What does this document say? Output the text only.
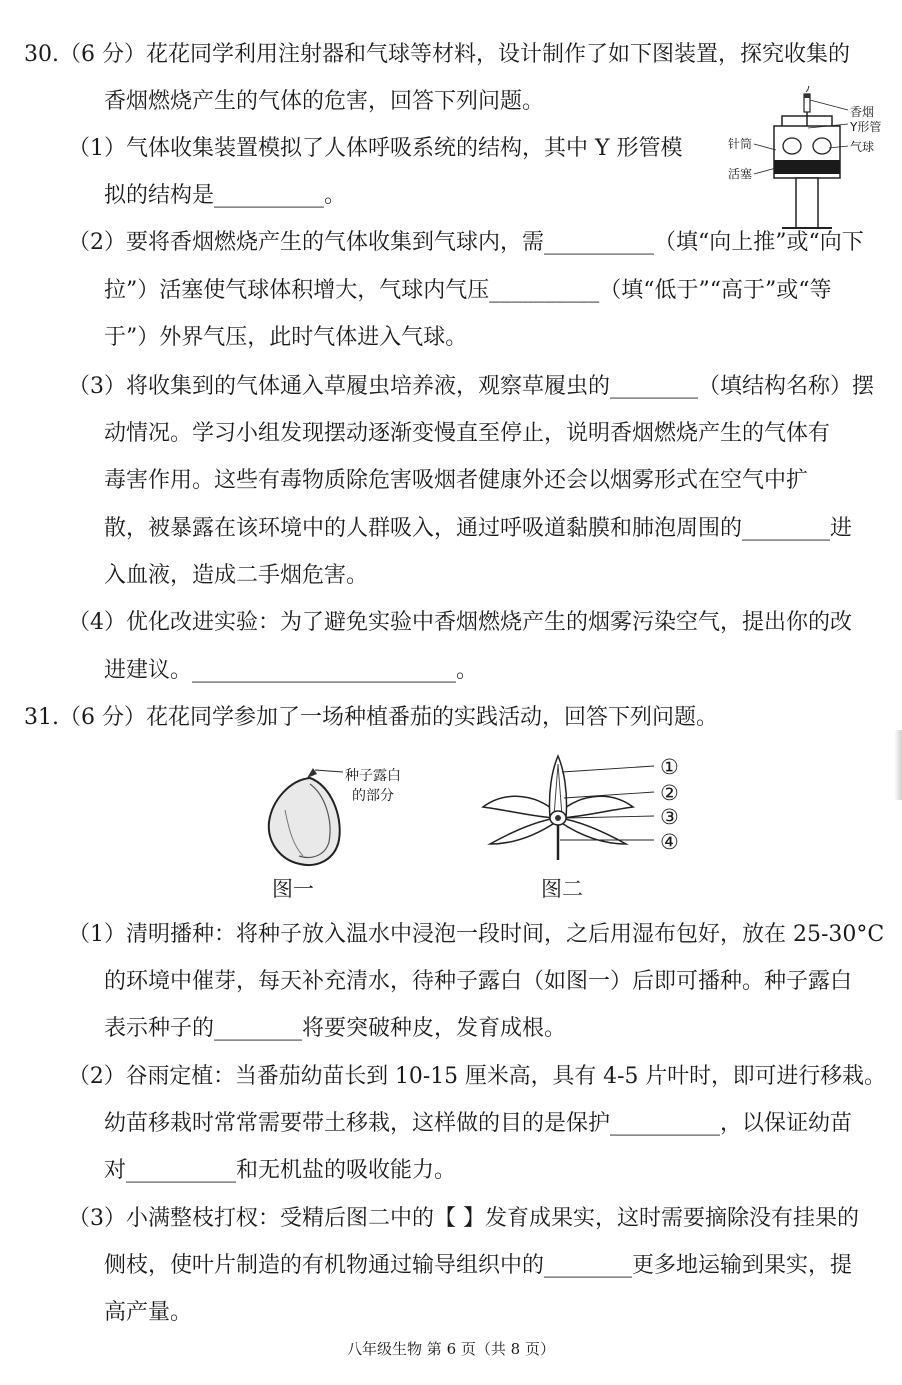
30.（6 分）花花同学利用注射器和气球等材料，设计制作了如下图装置，探究收集的
香烟燃烧产生的气体的危害，回答下列问题。
（1）气体收集装置模拟了人体呼吸系统的结构，其中 Y 形管模
拟的结构是__________。
（2）要将香烟燃烧产生的气体收集到气球内，需__________（填“向上推”或“向下
拉”）活塞使气球体积增大，气球内气压__________（填“低于”“高于”或“等
于”）外界气压，此时气体进入气球。
（3）将收集到的气体通入草履虫培养液，观察草履虫的________（填结构名称）摆
动情况。学习小组发现摆动逐渐变慢直至停止，说明香烟燃烧产生的气体有
毒害作用。这些有毒物质除危害吸烟者健康外还会以烟雾形式在空气中扩
散，被暴露在该环境中的人群吸入，通过呼吸道黏膜和肺泡周围的________进
入血液，造成二手烟危害。
（4）优化改进实验：为了避免实验中香烟燃烧产生的烟雾污染空气，提出你的改
进建议。________________________。
香烟
Y形管
针筒	气球
活塞
31.（6 分）花花同学参加了一场种植番茄的实践活动，回答下列问题。
种子露白
的部分
图一
①
②
③
④
图二
（1）清明播种：将种子放入温水中浸泡一段时间，之后用湿布包好，放在 25-30°C
的环境中催芽，每天补充清水，待种子露白（如图一）后即可播种。种子露白
表示种子的________将要突破种皮，发育成根。
（2）谷雨定植：当番茄幼苗长到 10-15 厘米高，具有 4-5 片叶时，即可进行移栽。
幼苗移栽时常常需要带土移栽，这样做的目的是保护__________，以保证幼苗
对__________和无机盐的吸收能力。
（3）小满整枝打杈：受精后图二中的【 】发育成果实，这时需要摘除没有挂果的
侧枝，使叶片制造的有机物通过输导组织中的________更多地运输到果实，提
高产量。
八年级生物 第 6 页（共 8 页）
